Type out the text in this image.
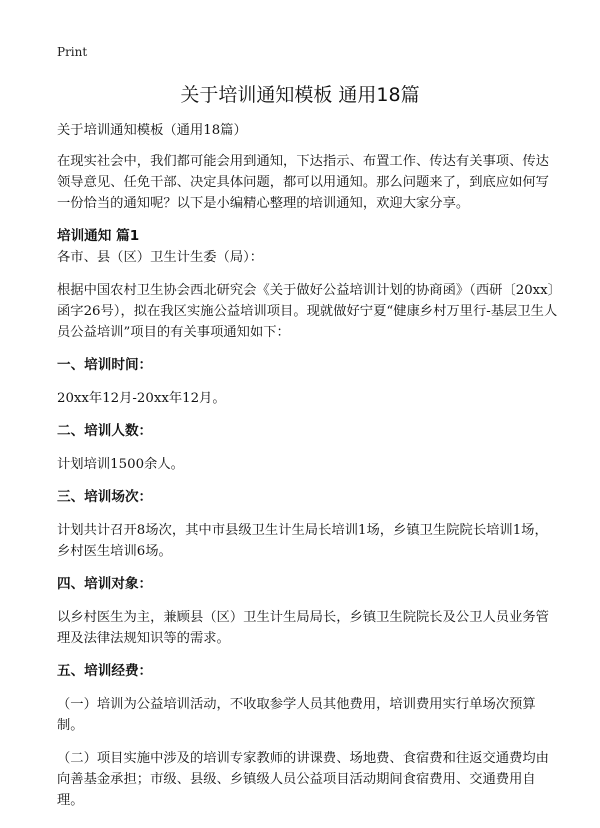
Print
关于培训通知模板 通用18篇

关于培训通知模板（通用18篇）

在现实社会中，我们都可能会用到通知，下达指示、布置工作、传达有关事项、传达领导意见、任免干部、决定具体问题，都可以用通知。那么问题来了，到底应如何写一份恰当的通知呢？以下是小编精心整理的培训通知，欢迎大家分享。

培训通知 篇1

各市、县（区）卫生计生委（局）：

根据中国农村卫生协会西北研究会《关于做好公益培训计划的协商函》（西研〔20xx〕函字26号），拟在我区实施公益培训项目。现就做好宁夏“健康乡村万里行-基层卫生人员公益培训”项目的有关事项通知如下：

一、培训时间：

20xx年12月-20xx年12月。

二、培训人数：

计划培训1500余人。

三、培训场次：

计划共计召开8场次，其中市县级卫生计生局长培训1场，乡镇卫生院院长培训1场，乡村医生培训6场。

四、培训对象：

以乡村医生为主，兼顾县（区）卫生计生局局长，乡镇卫生院院长及公卫人员业务管理及法律法规知识等的需求。

五、培训经费：

（一）培训为公益培训活动，不收取参学人员其他费用，培训费用实行单场次预算制。

（二）项目实施中涉及的培训专家教师的讲课费、场地费、食宿费和往返交通费均由向善基金承担；市级、县级、乡镇级人员公益项目活动期间食宿费用、交通费用自理。
